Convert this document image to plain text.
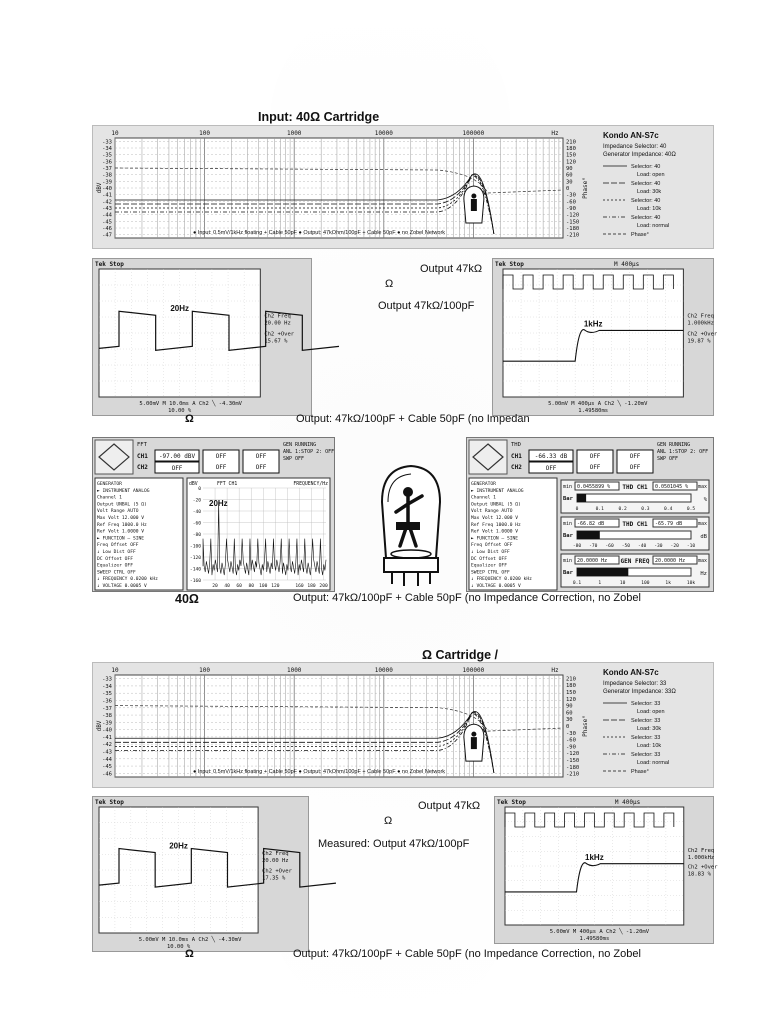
Input: 40Ω Cartridge
-33
-34
-35
-36
-37
-38
-39
-40
-41
-42
-43
-44
-45
-46
-47
210
180
150
120
90
60
30
0
-30
-60
-90
-120
-150
-180
-210
10	100	1000	10000	100000	Hz
dBV	Phase°
● Input: 0.5mV/1kHz floating + Cable 50pF ● Output: 47kOhm/100pF + Cable 50pF ● no Zobel Network
Kondo AN-S7c
Impedance Selector: 40
Generator Impedance: 40Ω
Selector: 40
Load: open
Selector: 40
Load: 30k
Selector: 40
Load: 10k
Selector: 40
Load: normal
Phase°
Tek Stop
20Hz
Ch2 Freq
20.00 Hz
Ch2 +Over
15.67 %
5.00mV M 10.0ms A Ch2 ╲ -4.30mV
10.00 %
Ω
Output 47kΩ
Ω
Output 47kΩ/100pF
Tek Stop	M 400µs
1kHz
Ch2 Freq
1.000kHz
Ch2 +Over
19.87 %
5.00mV M 400µs A Ch2 ╲ -1.20mV
1.49580ms
Output: 47kΩ/100pF + Cable 50pF (no Impedan
FFT
CH1
CH2
-97.00 dBV
OFF
OFF
OFF
OFF
OFF
GEN RUNNING
ANL 1:STOP 2: OFF
SWP OFF
GENERATOR
► INSTRUMENT ANALOG
Channel 1
Output UNBAL (5 Ω)
Volt Range AUTO
Max Volt 12.000 V
Ref Freq 1000.0 Hz
Ref Volt 1.0000 V
► FUNCTION – SINE
Freq Offset OFF
↓ Low Dist OFF
DC Offset OFF
Equalizer OFF
SWEEP CTRL OFF
↓ FREQUENCY 0.0200 kHz
↓ VOLTAGE 0.0005 V
dBV	FFT CH1	FREQUENCY/Hz
0
-20
-40
-60
-80
-100
-120
-140
-160
20 40 60 80 100 120	160 180 200
20Hz
THD
CH1
CH2
-66.33 dB
OFF
OFF
OFF
OFF
OFF
GEN RUNNING
ANL 1:STOP 2: OFF
SWP OFF
GENERATOR
► INSTRUMENT ANALOG
Channel 1
Output UNBAL (5 Ω)
Volt Range AUTO
Max Volt 12.000 V
Ref Freq 1000.0 Hz
Ref Volt 1.0000 V
► FUNCTION – SINE
Freq Offset OFF
↓ Low Dist OFF
DC Offset OFF
Equalizer OFF
SWEEP CTRL OFF
↓ FREQUENCY 0.0200 kHz
↓ VOLTAGE 0.0005 V
min 0.0455899 % THD CH1 0.0501045 % max
Bar	%
0	0.1	0.2	0.3	0.4	0.5
min -66.82 dB	THD CH1 -65.79 dB	max
Bar	dB
-80 -70 -60 -50 -40 -30 -20 -10
min 20.0000 Hz GEN FREQ 20.0000 Hz	max
Bar	Hz
0.1	1	10	100	1k	10k
40Ω	Output: 47kΩ/100pF + Cable 50pF (no Impedance Correction, no Zobel
Ω Cartridge /
-33
-34
-35
-36
-37
-38
-39
-40
-41
-42
-43
-44
-45
-46
210
180
150
120
90
60
30
0
-30
-60
-90
-120
-150
-180
-210
10	100	1000	10000	100000	Hz
dBV	Phase°
● Input: 0.5mV/1kHz floating + Cable 50pF ● Output: 47kOhm/100pF + Cable 50pF ● no Zobel Network
Kondo AN-S7c
Impedance Selector: 33
Generator Impedance: 33Ω
Selector: 33
Load: open
Selector: 33
Load: 30k
Selector: 33
Load: 10k
Selector: 33
Load: normal
Phase°
Tek Stop
20Hz
Ch2 Freq
20.00 Hz
Ch2 +Over
17.35 %
5.00mV M 10.0ms A Ch2 ╲ -4.30mV
10.00 %
Ω
Output 47kΩ
Ω
Measured: Output 47kΩ/100pF
Tek Stop	M 400µs
1kHz
Ch2 Freq
1.000kHz
Ch2 +Over
18.83 %
5.00mV M 400µs A Ch2 ╲ -1.20mV
1.49580ms
Output: 47kΩ/100pF + Cable 50pF (no Impedance Correction, no Zobel
